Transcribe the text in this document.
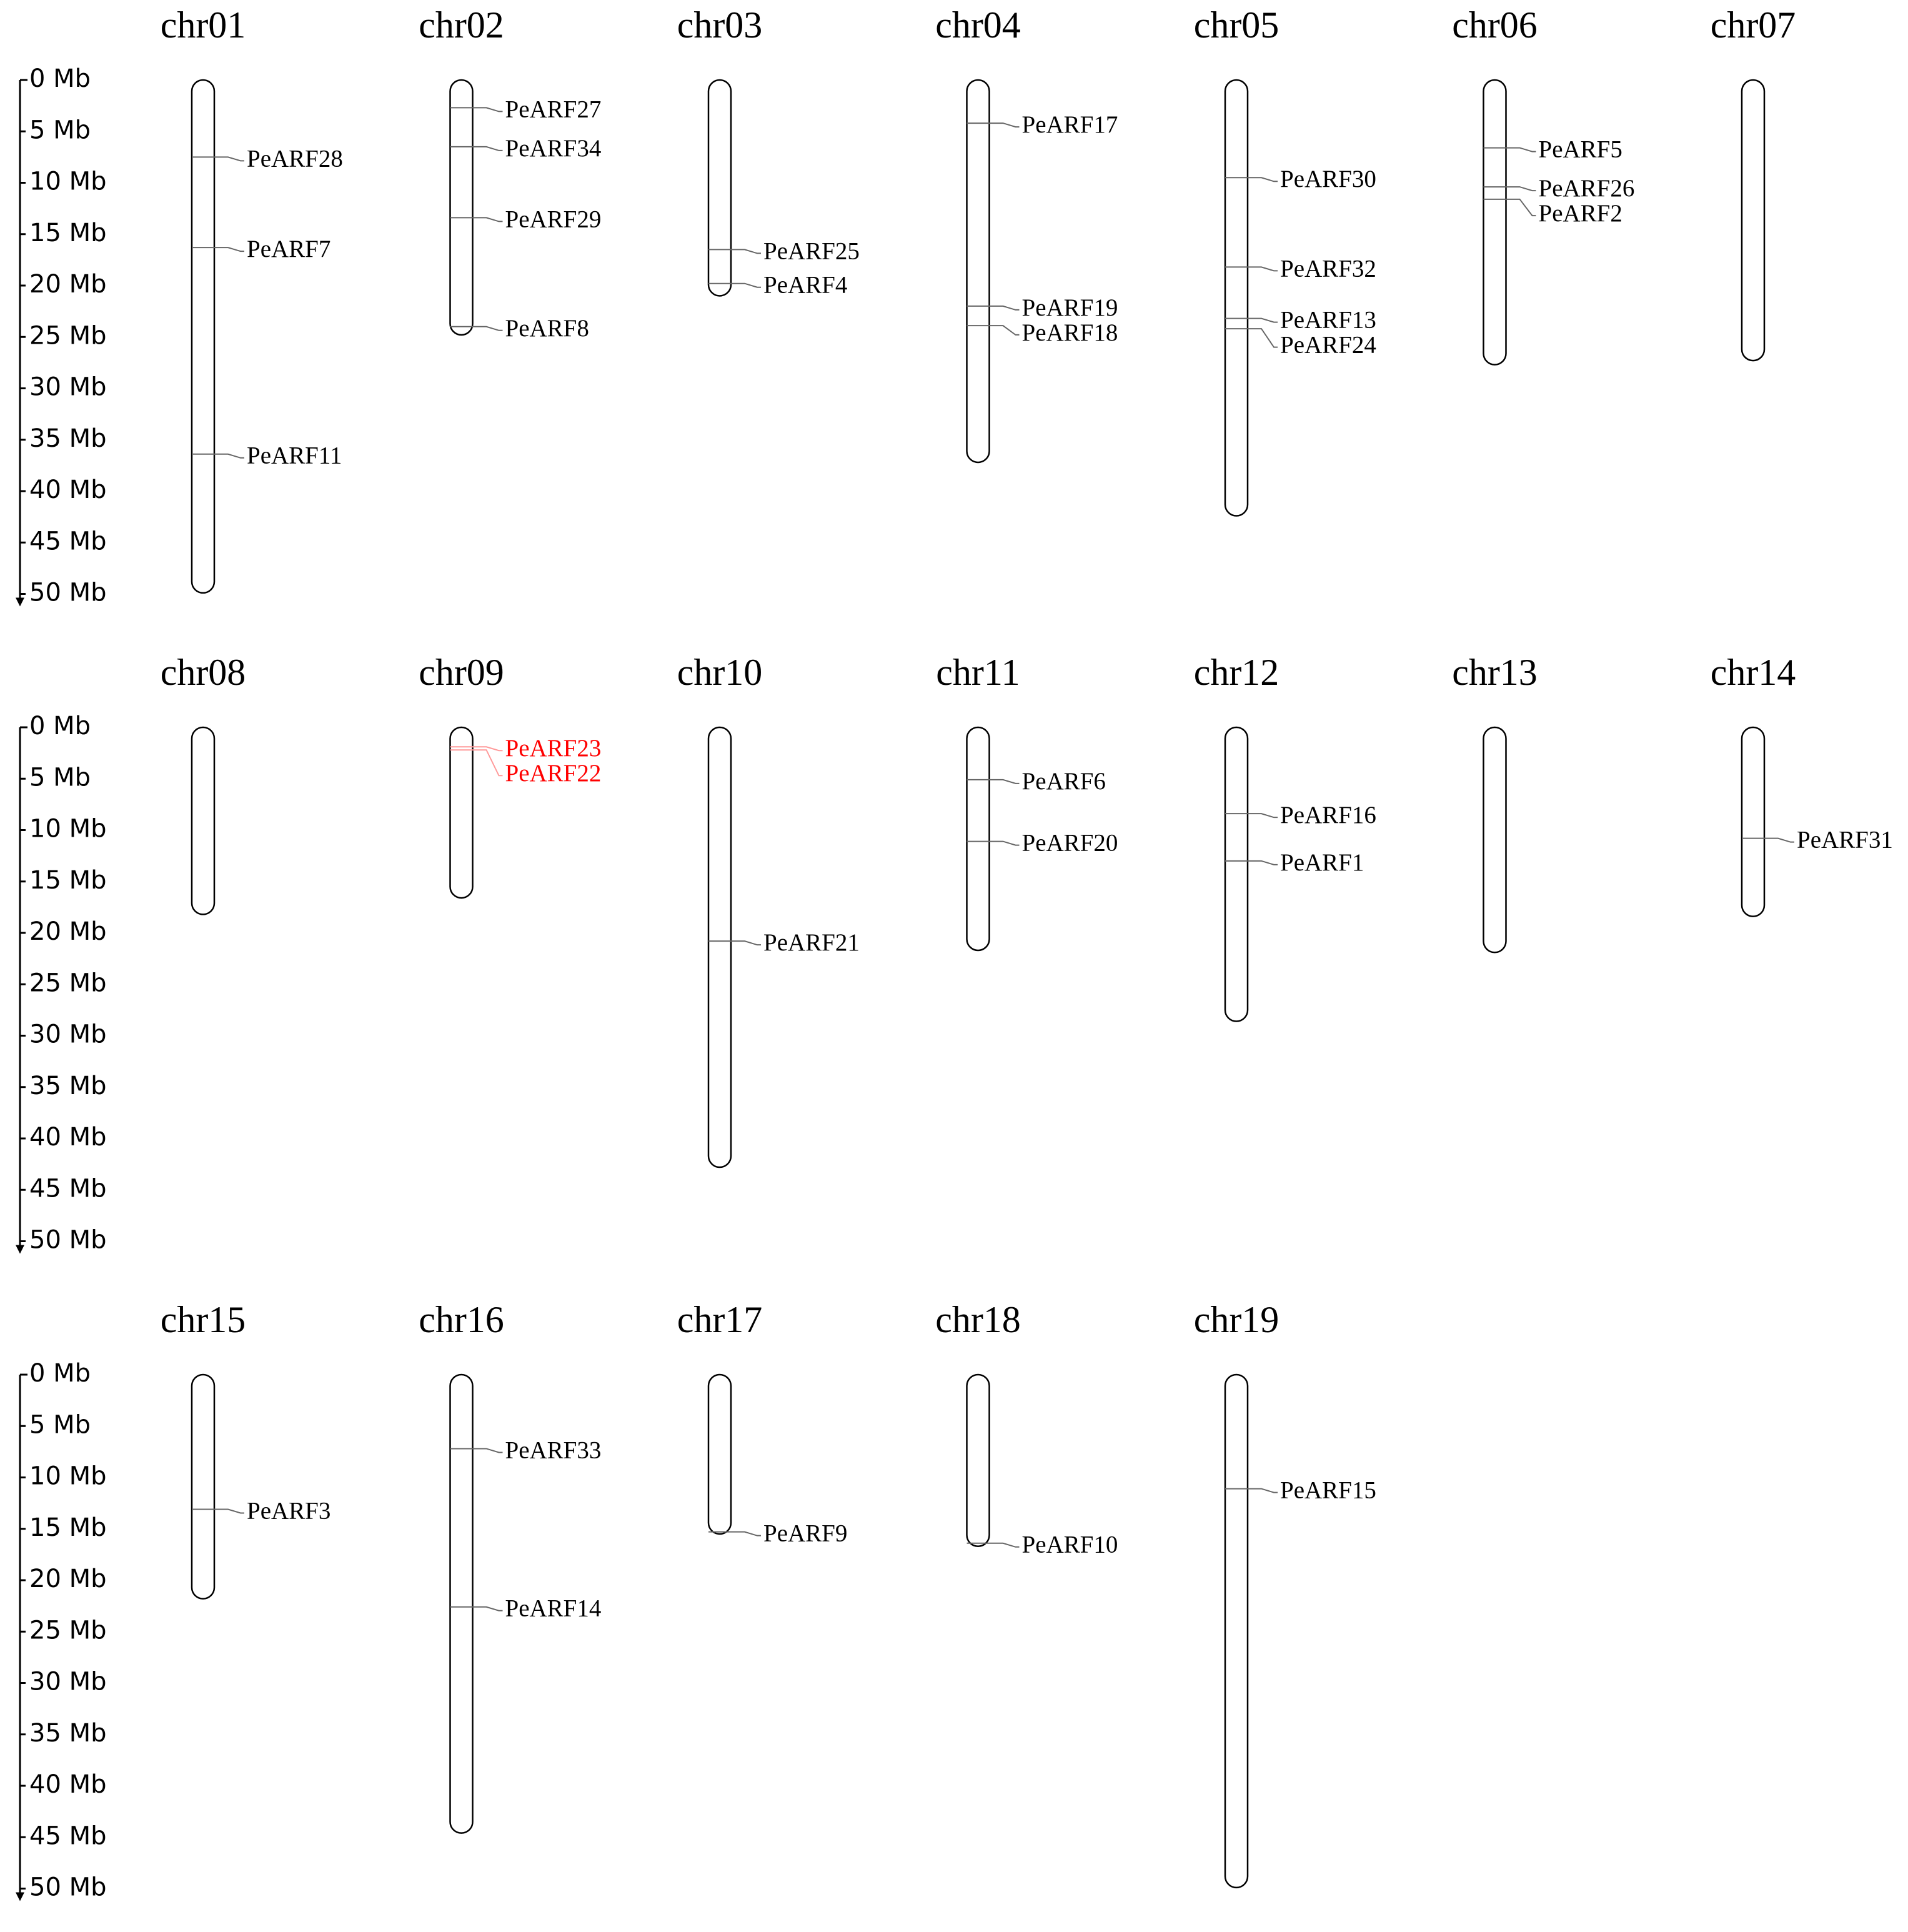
0 Mb
5 Mb
10 Mb
15 Mb
20 Mb
25 Mb
30 Mb
35 Mb
40 Mb
45 Mb
50 Mb
chr01
PeARF28
PeARF7
PeARF11
chr02
PeARF27
PeARF34
PeARF29
PeARF8
chr03
PeARF25
PeARF4
chr04
PeARF17
PeARF19
PeARF18
chr05
PeARF30
PeARF32
PeARF13
PeARF24
chr06
PeARF5
PeARF26
PeARF2
chr07
0 Mb
5 Mb
10 Mb
15 Mb
20 Mb
25 Mb
30 Mb
35 Mb
40 Mb
45 Mb
50 Mb
chr08	chr09
PeARF23
PeARF22
chr10
PeARF21
chr11
PeARF6
PeARF20
chr12
PeARF16
PeARF1
chr13	chr14
PeARF31
0 Mb
5 Mb
10 Mb
15 Mb
20 Mb
25 Mb
30 Mb
35 Mb
40 Mb
45 Mb
50 Mb
chr15
PeARF3
chr16
PeARF33
PeARF14
chr17
PeARF9
chr18
PeARF10
chr19
PeARF15
